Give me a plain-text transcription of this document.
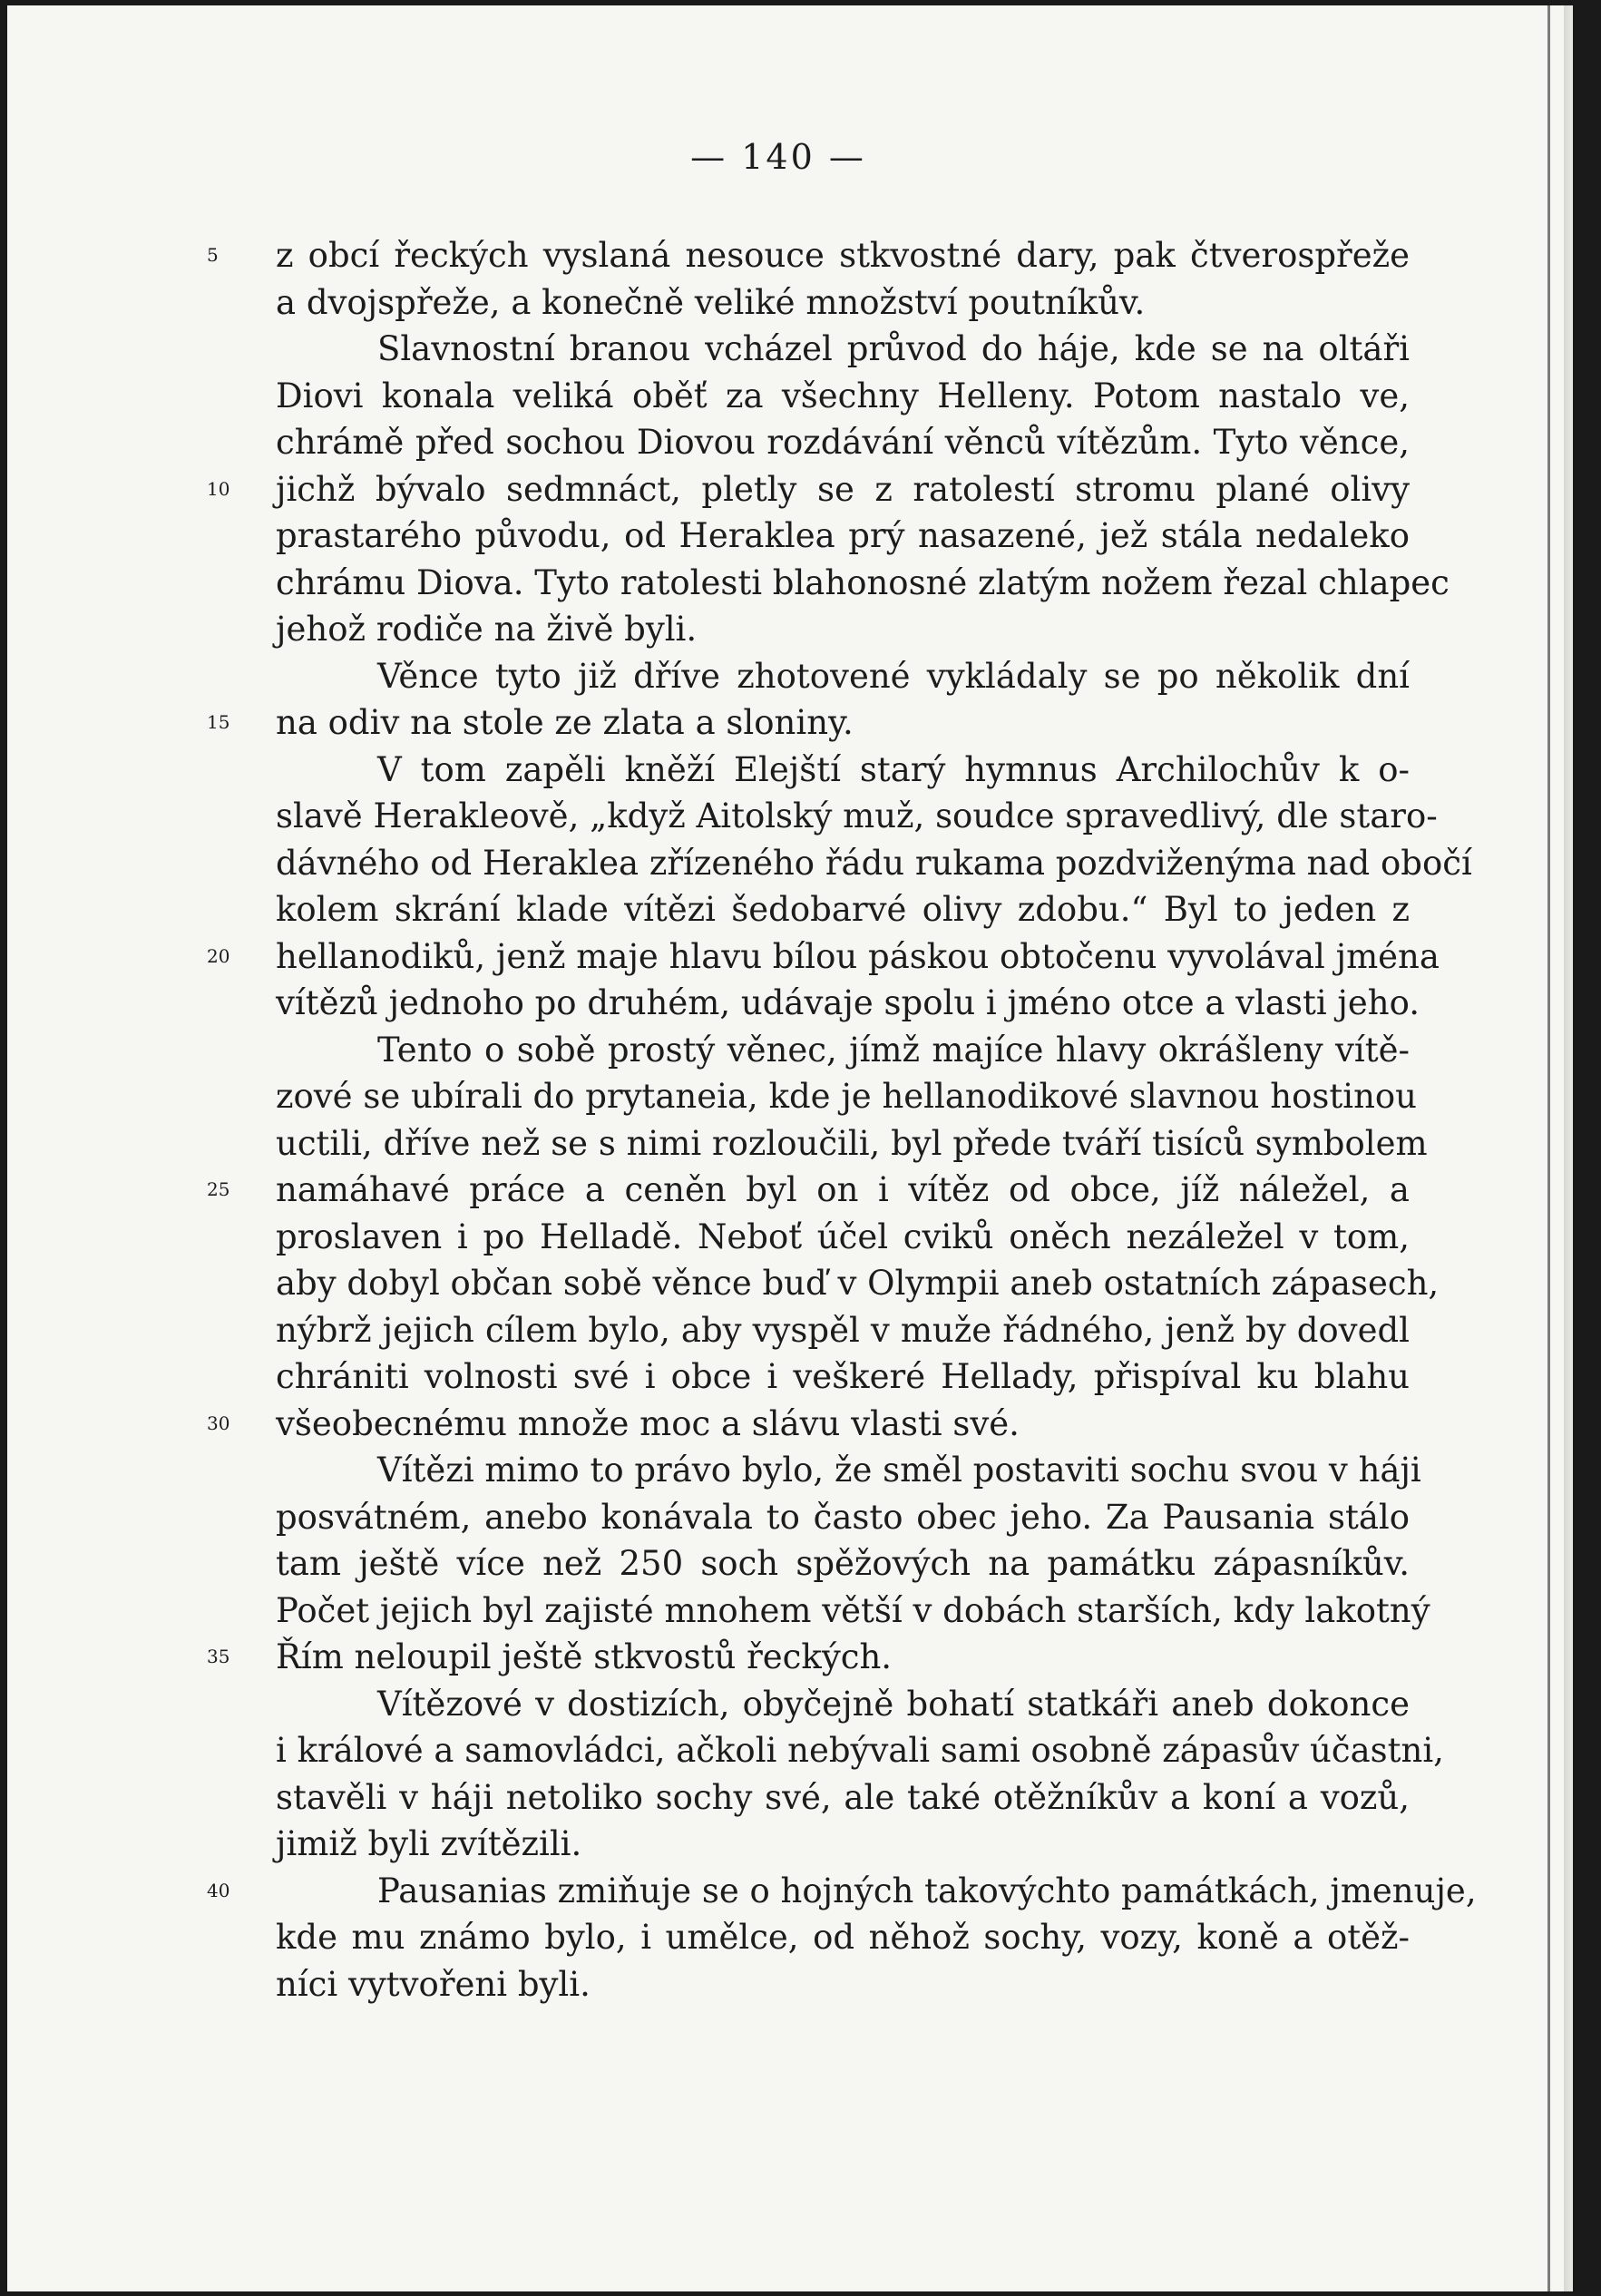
— 140 —
5
10
15
20
25
30
35
40
z obcí řeckých vyslaná nesouce stkvostné dary, pak čtverospřeže
a dvojspřeže, a konečně veliké množství poutníkův.
Slavnostní branou vcházel průvod do háje, kde se na oltáři
Diovi konala veliká oběť za všechny Helleny. Potom nastalo ve,
chrámě před sochou Diovou rozdávání věnců vítězům. Tyto věnce,
jichž bývalo sedmnáct, pletly se z ratolestí stromu plané olivy
prastarého původu, od Heraklea prý nasazené, jež stála nedaleko
chrámu Diova. Tyto ratolesti blahonosné zlatým nožem řezal chlapec
jehož rodiče na živě byli.
Věnce tyto již dříve zhotovené vykládaly se po několik dní
na odiv na stole ze zlata a sloniny.
V tom zapěli kněží Elejští starý hymnus Archilochův k o-
slavě Herakleově, „když Aitolský muž, soudce spravedlivý, dle staro-
dávného od Heraklea zřízeného řádu rukama pozdviženýma nad obočí
kolem skrání klade vítězi šedobarvé olivy zdobu.“ Byl to jeden z
hellanodiků, jenž maje hlavu bílou páskou obtočenu vyvolával jména
vítězů jednoho po druhém, udávaje spolu i jméno otce a vlasti jeho.
Tento o sobě prostý věnec, jímž majíce hlavy okrášleny vítě-
zové se ubírali do prytaneia, kde je hellanodikové slavnou hostinou
uctili, dříve než se s nimi rozloučili, byl přede tváří tisíců symbolem
namáhavé práce a ceněn byl on i vítěz od obce, jíž náležel, a
proslaven i po Helladě. Neboť účel cviků oněch nezáležel v tom,
aby dobyl občan sobě věnce buď v Olympii aneb ostatních zápasech,
nýbrž jejich cílem bylo, aby vyspěl v muže řádného, jenž by dovedl
chrániti volnosti své i obce i veškeré Hellady, přispíval ku blahu
všeobecnému množe moc a slávu vlasti své.
Vítězi mimo to právo bylo, že směl postaviti sochu svou v háji
posvátném, anebo konávala to často obec jeho. Za Pausania stálo
tam ještě více než 250 soch spěžových na památku zápasníkův.
Počet jejich byl zajisté mnohem větší v dobách starších, kdy lakotný
Řím neloupil ještě stkvostů řeckých.
Vítězové v dostizích, obyčejně bohatí statkáři aneb dokonce
i králové a samovládci, ačkoli nebývali sami osobně zápasův účastni,
stavěli v háji netoliko sochy své, ale také otěžníkův a koní a vozů,
jimiž byli zvítězili.
Pausanias zmiňuje se o hojných takovýchto památkách, jmenuje,
kde mu známo bylo, i umělce, od něhož sochy, vozy, koně a otěž-
níci vytvořeni byli.
